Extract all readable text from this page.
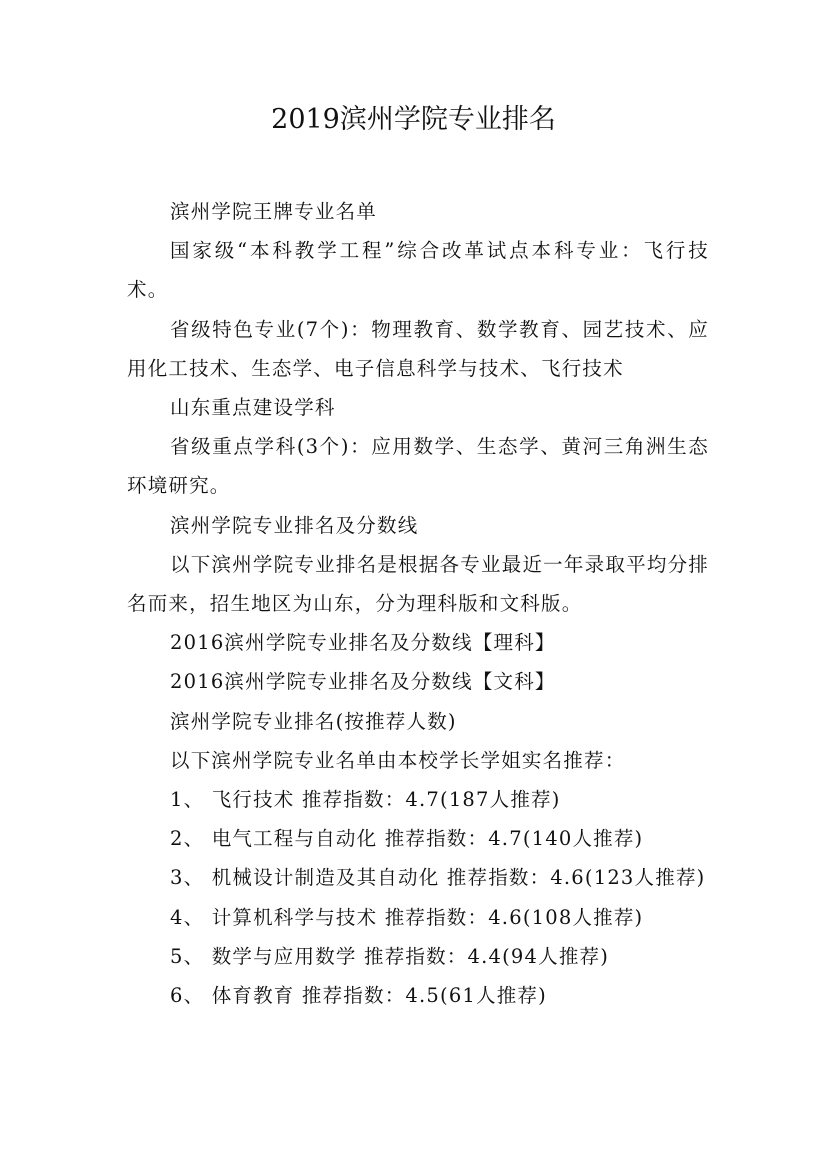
2019滨州学院专业排名

滨州学院王牌专业名单

国家级“本科教学工程”综合改革试点本科专业：飞行技术。

省级特色专业(7个)：物理教育、数学教育、园艺技术、应用化工技术、生态学、电子信息科学与技术、飞行技术

山东重点建设学科

省级重点学科(3个)：应用数学、生态学、黄河三角洲生态环境研究。

滨州学院专业排名及分数线

以下滨州学院专业排名是根据各专业最近一年录取平均分排名而来，招生地区为山东，分为理科版和文科版。

2016滨州学院专业排名及分数线【理科】

2016滨州学院专业排名及分数线【文科】

滨州学院专业排名(按推荐人数)

以下滨州学院专业名单由本校学长学姐实名推荐：

1、 飞行技术 推荐指数：4.7(187人推荐)

2、 电气工程与自动化 推荐指数：4.7(140人推荐)

3、 机械设计制造及其自动化 推荐指数：4.6(123人推荐)

4、 计算机科学与技术 推荐指数：4.6(108人推荐)

5、 数学与应用数学 推荐指数：4.4(94人推荐)

6、 体育教育 推荐指数：4.5(61人推荐)
